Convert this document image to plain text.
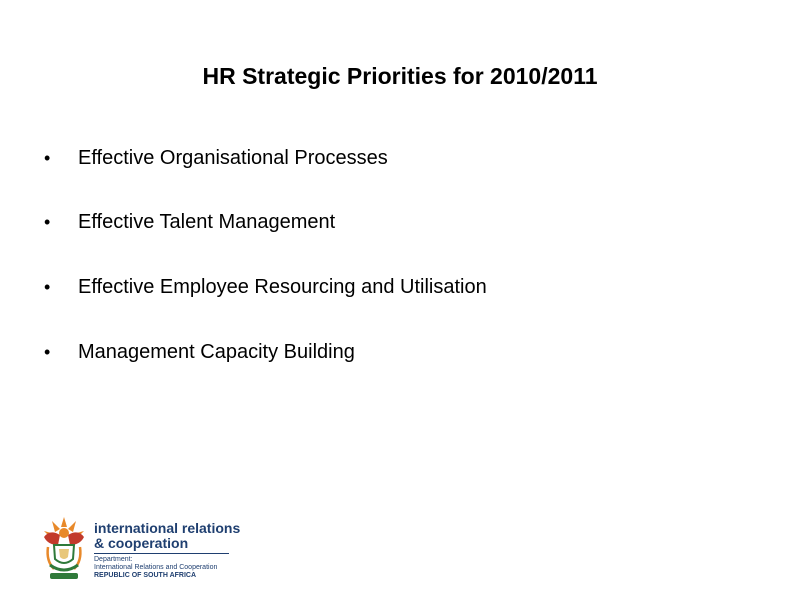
HR Strategic Priorities for 2010/2011
•	Effective Organisational Processes
•	Effective Talent Management
•	Effective Employee Resourcing and Utilisation
•	Management Capacity Building
international relations
& cooperation
Department:
International Relations and Cooperation
REPUBLIC OF SOUTH AFRICA
